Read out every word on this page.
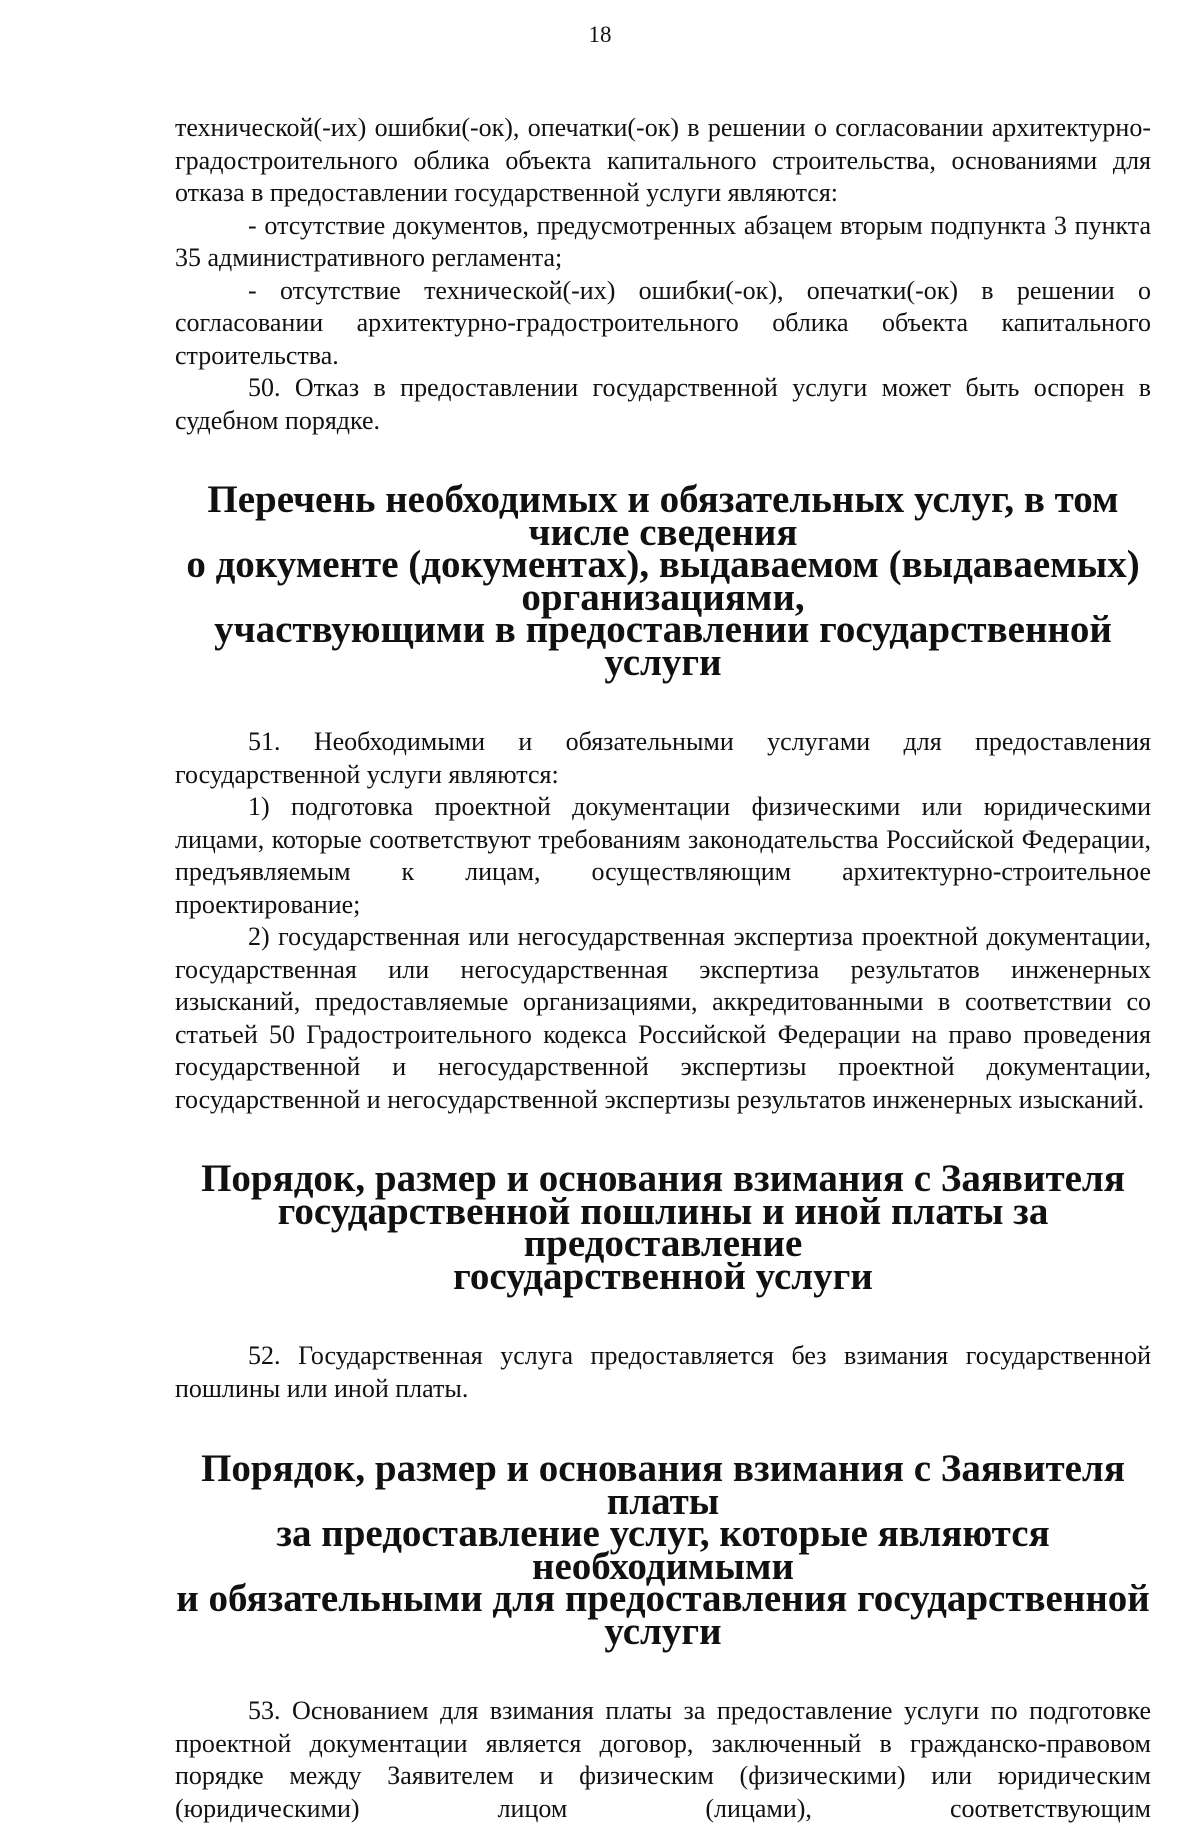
18

технической(-их) ошибки(-ок), опечатки(-ок) в решении о согласовании архитектурно-градостроительного облика объекта капитального строительства, основаниями для отказа в предоставлении государственной услуги являются:

- отсутствие документов, предусмотренных абзацем вторым подпункта 3 пункта 35 административного регламента;

- отсутствие технической(-их) ошибки(-ок), опечатки(-ок) в решении о согласовании архитектурно-градостроительного облика объекта капитального строительства.

50. Отказ в предоставлении государственной услуги может быть оспорен в судебном порядке.

Перечень необходимых и обязательных услуг, в том числе сведения
о документе (документах), выдаваемом (выдаваемых) организациями,
участвующими в предоставлении государственной услуги

51. Необходимыми и обязательными услугами для предоставления государственной услуги являются:

1) подготовка проектной документации физическими или юридическими лицами, которые соответствуют требованиям законодательства Российской Федерации, предъявляемым к лицам, осуществляющим архитектурно-строительное проектирование;

2) государственная или негосударственная экспертиза проектной документации, государственная или негосударственная экспертиза результатов инженерных изысканий, предоставляемые организациями, аккредитованными в соответствии со статьей 50 Градостроительного кодекса Российской Федерации на право проведения государственной и негосударственной экспертизы проектной документации, государственной и негосударственной экспертизы результатов инженерных изысканий.

Порядок, размер и основания взимания с Заявителя
государственной пошлины и иной платы за предоставление
государственной услуги

52. Государственная услуга предоставляется без взимания государственной пошлины или иной платы.

Порядок, размер и основания взимания с Заявителя платы
за предоставление услуг, которые являются необходимыми
и обязательными для предоставления государственной услуги

53. Основанием для взимания платы за предоставление услуги по подготовке проектной документации является договор, заключенный в гражданско-правовом порядке между Заявителем и физическим (физическими) или юридическим (юридическими) лицом (лицами), соответствующим
